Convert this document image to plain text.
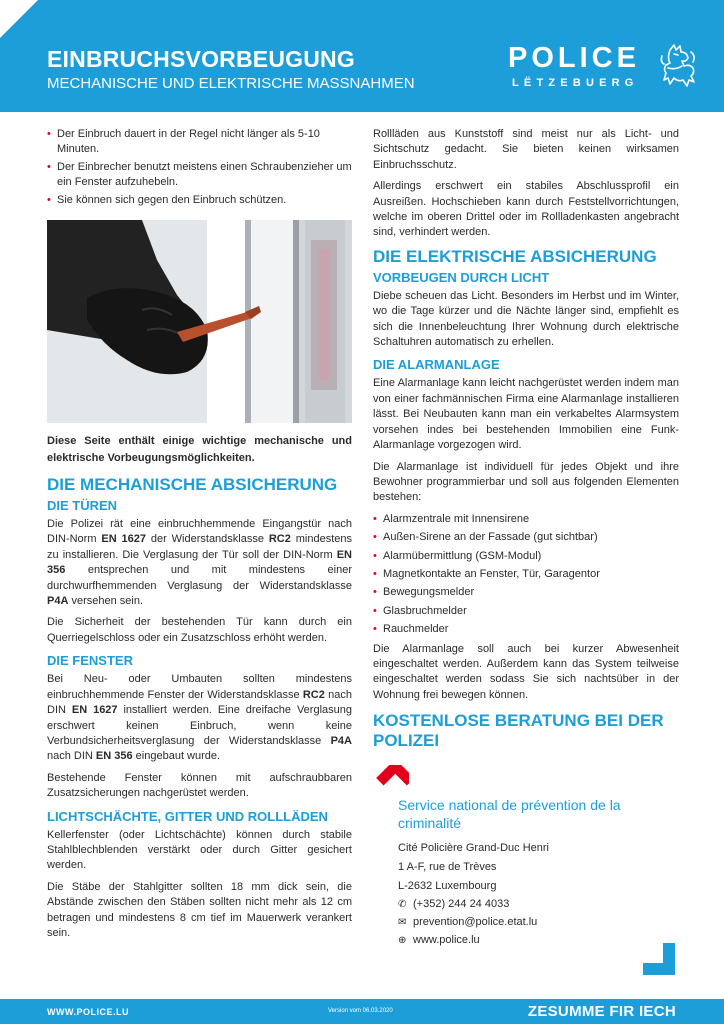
EINBRUCHSVORBEUGUNG
MECHANISCHE UND ELEKTRISCHE MASSNAHMEN
POLICE
LËTZEBUERG
• Der Einbruch dauert in der Regel nicht länger als 5-10 Minuten.
• Der Einbrecher benutzt meistens einen Schraubenzieher um ein Fenster aufzuhebeln.
• Sie können sich gegen den Einbruch schützen.
Diese Seite enthält einige wichtige mechanische und elektrische Vorbeugungsmöglichkeiten.
DIE MECHANISCHE ABSICHERUNG
DIE TÜREN

Die Polizei rät eine einbruchhemmende Eingangstür nach DIN-Norm EN 1627 der Widerstandsklasse RC2 mindestens zu installieren. Die Verglasung der Tür soll der DIN-Norm EN 356 entsprechen und mit mindestens einer durchwurfhemmenden Verglasung der Widerstandsklasse P4A versehen sein.

Die Sicherheit der bestehenden Tür kann durch ein Querriegelschloss oder ein Zusatzschloss erhöht werden.

DIE FENSTER

Bei Neu- oder Umbauten sollten mindestens einbruchhemmende Fenster der Widerstandsklasse RC2 nach DIN EN 1627 installiert werden. Eine dreifache Verglasung erschwert keinen Einbruch, wenn keine Verbundsicherheitsverglasung der Widerstandsklasse P4A nach DIN EN 356 eingebaut wurde.

Bestehende Fenster können mit aufschraubbaren Zusatzsicherungen nachgerüstet werden.

LICHTSCHÄCHTE, GITTER UND ROLLLÄDEN

Kellerfenster (oder Lichtschächte) können durch stabile Stahlblechblenden verstärkt oder durch Gitter gesichert werden.

Die Stäbe der Stahlgitter sollten 18 mm dick sein, die Abstände zwischen den Stäben sollten nicht mehr als 12 cm betragen und mindestens 8 cm tief im Mauerwerk verankert sein.

Rollläden aus Kunststoff sind meist nur als Licht- und Sichtschutz gedacht. Sie bieten keinen wirksamen Einbruchsschutz.

Allerdings erschwert ein stabiles Abschlussprofil ein Ausreißen. Hochschieben kann durch Feststellvorrichtungen, welche im oberen Drittel oder im Rollladenkasten angebracht sind, verhindert werden.

DIE ELEKTRISCHE ABSICHERUNG
VORBEUGEN DURCH LICHT

Diebe scheuen das Licht. Besonders im Herbst und im Winter, wo die Tage kürzer und die Nächte länger sind, empfiehlt es sich die Innenbeleuchtung Ihrer Wohnung durch elektrische Schaltuhren automatisch zu erhellen.

DIE ALARMANLAGE

Eine Alarmanlage kann leicht nachgerüstet werden indem man von einer fachmännischen Firma eine Alarmanlage installieren lässt. Bei Neubauten kann man ein verkabeltes Alarmsystem vorsehen indes bei bestehenden Immobilien eine Funk-Alarmanlage vorgezogen wird.

Die Alarmanlage ist individuell für jedes Objekt und ihre Bewohner programmierbar und soll aus folgenden Elementen bestehen:

• Alarmzentrale mit Innensirene
• Außen-Sirene an der Fassade (gut sichtbar)
• Alarmübermittlung (GSM-Modul)
• Magnetkontakte an Fenster, Tür, Garagentor
• Bewegungsmelder
• Glasbruchmelder
• Rauchmelder

Die Alarmanlage soll auch bei kurzer Abwesenheit eingeschaltet werden. Außerdem kann das System teilweise eingeschaltet werden sodass Sie sich nachtsüber in der Wohnung frei bewegen können.

KOSTENLOSE BERATUNG BEI DER POLIZEI
Service national de prévention de la criminalité
Cité Policière Grand-Duc Henri
1 A-F, rue de Trèves
L-2632 Luxembourg
✆ (+352) 244 24 4033
✉ prevention@police.etat.lu
⊕ www.police.lu
WWW.POLICE.LU	Version vom 06.03.2020	ZESUMME FIR IECH
